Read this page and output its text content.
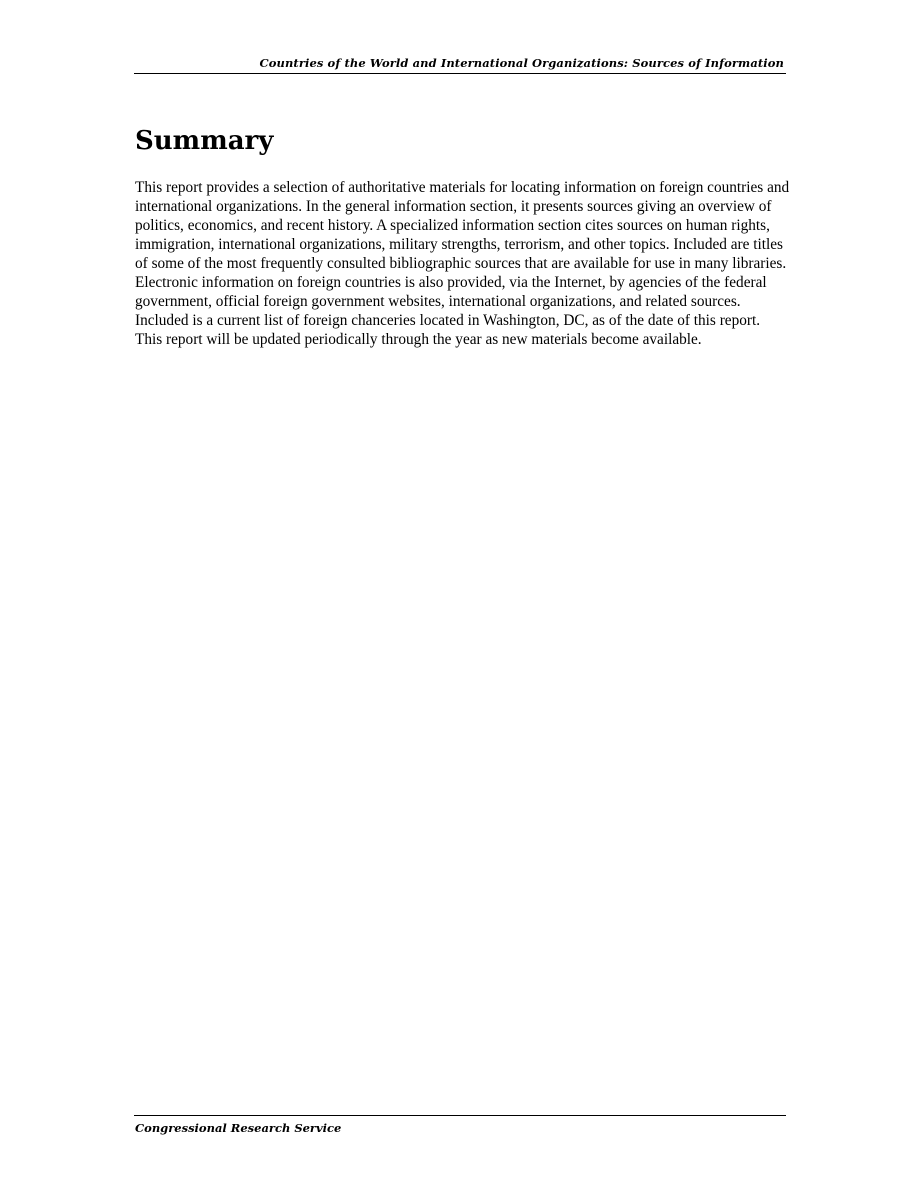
Countries of the World and International Organizations: Sources of Information
Summary

This report provides a selection of authoritative materials for locating information on foreign countries and international organizations. In the general information section, it presents sources giving an overview of politics, economics, and recent history. A specialized information section cites sources on human rights, immigration, international organizations, military strengths, terrorism, and other topics. Included are titles of some of the most frequently consulted bibliographic sources that are available for use in many libraries. Electronic information on foreign countries is also provided, via the Internet, by agencies of the federal government, official foreign government websites, international organizations, and related sources. Included is a current list of foreign chanceries located in Washington, DC, as of the date of this report. This report will be updated periodically through the year as new materials become available.

Congressional Research Service
